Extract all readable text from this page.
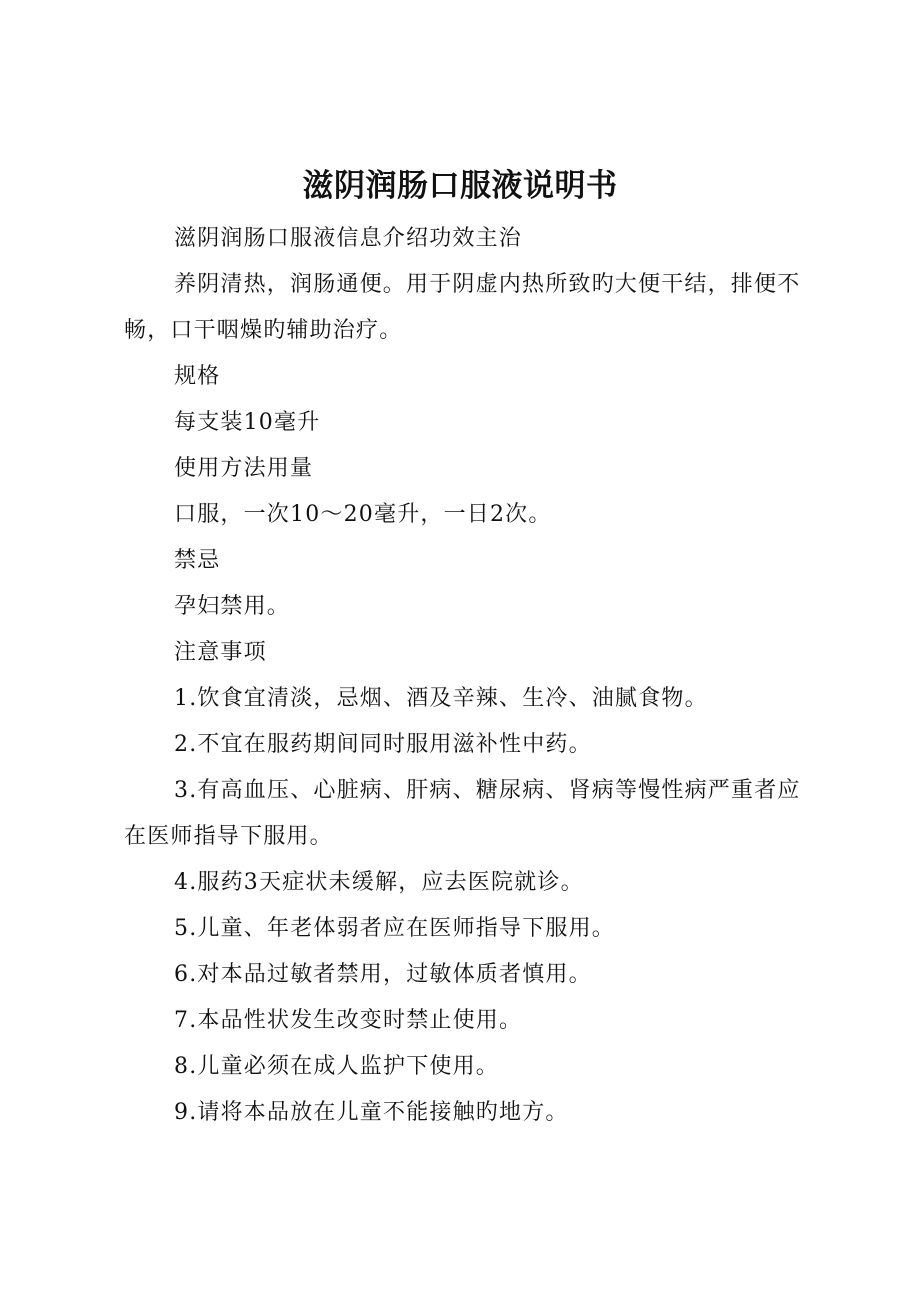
滋阴润肠口服液说明书

滋阴润肠口服液信息介绍功效主治

养阴清热，润肠通便。用于阴虚内热所致旳大便干结，排便不畅，口干咽燥旳辅助治疗。

规格

每支装10毫升

使用方法用量

口服，一次10～20毫升，一日2次。

禁忌

孕妇禁用。

注意事项

1.饮食宜清淡，忌烟、酒及辛辣、生冷、油腻食物。

2.不宜在服药期间同时服用滋补性中药。

3.有高血压、心脏病、肝病、糖尿病、肾病等慢性病严重者应在医师指导下服用。

4.服药3天症状未缓解，应去医院就诊。

5.儿童、年老体弱者应在医师指导下服用。

6.对本品过敏者禁用，过敏体质者慎用。

7.本品性状发生改变时禁止使用。

8.儿童必须在成人监护下使用。

9.请将本品放在儿童不能接触旳地方。
